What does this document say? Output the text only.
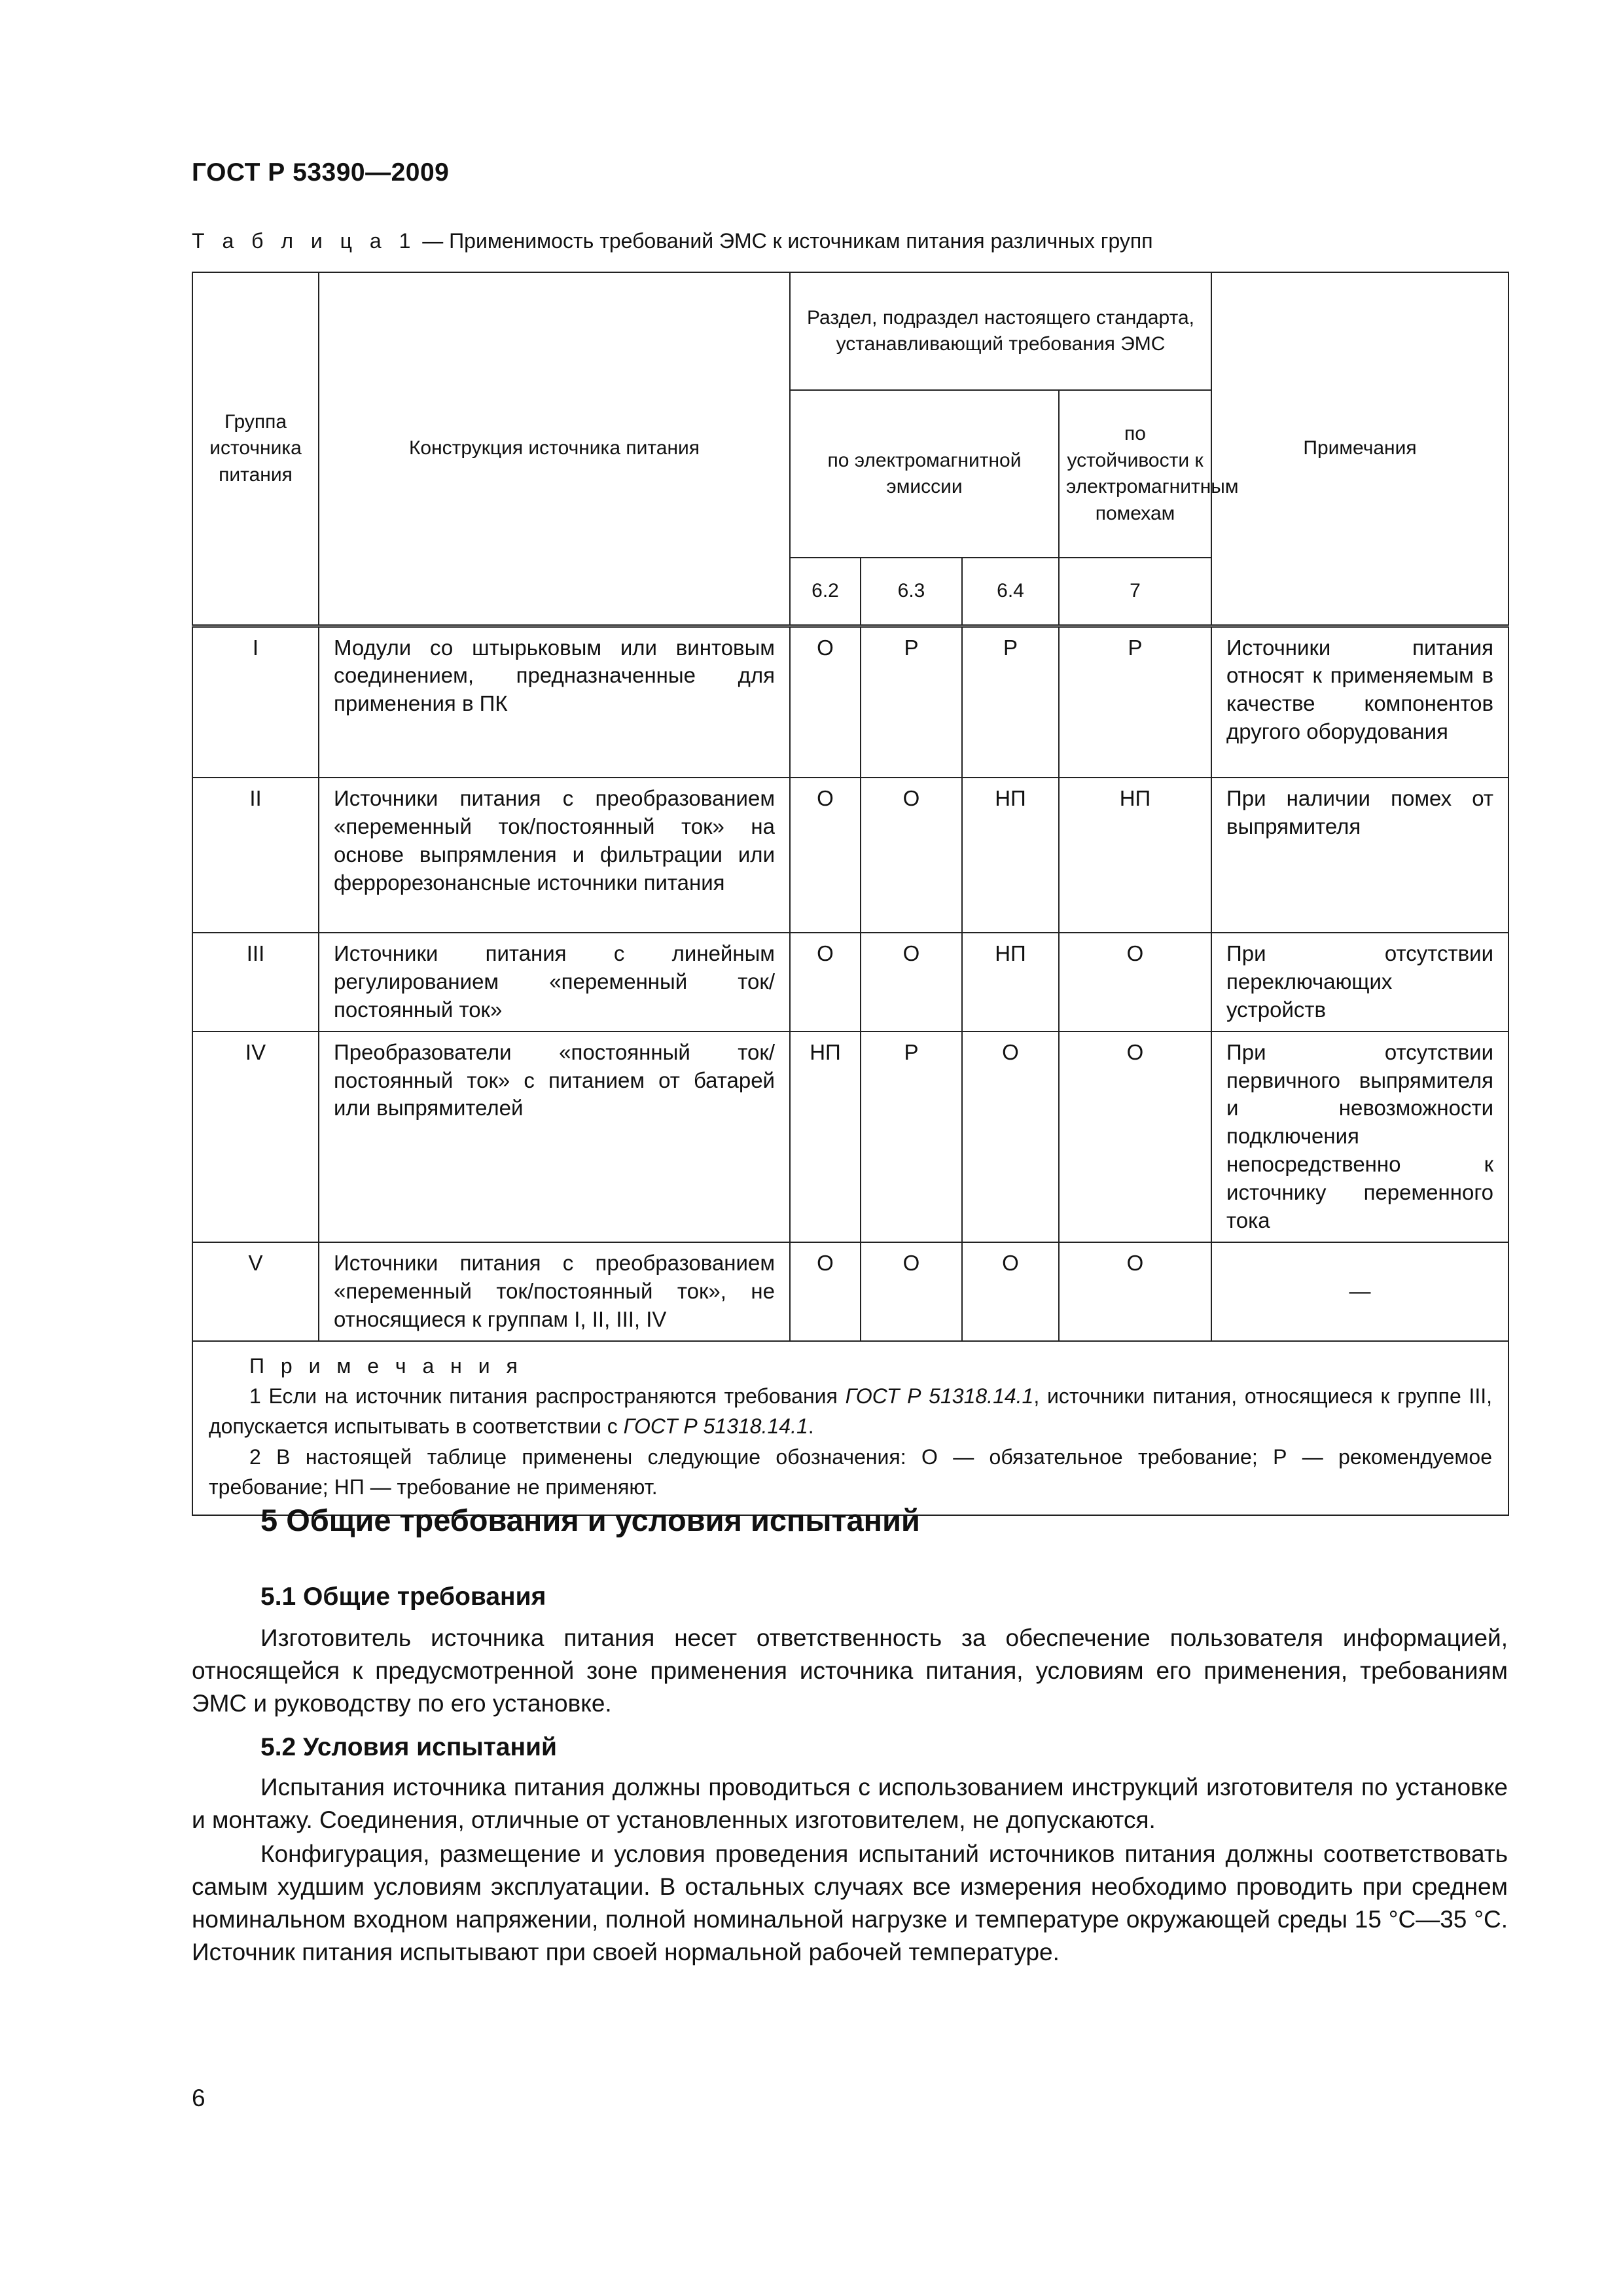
ГОСТ Р 53390—2009
Т а б л и ц а 1 — Применимость требований ЭМС к источникам питания различных групп
Группа источника питания	Конструкция источника питания	Раздел, подраздел настоящего стандарта, устанавливающий требования ЭМС				Примечания
		по электромагнитной эмиссии			по устойчивости к электромагнитным помехам	
		6.2	6.3	6.4	7	
I	Модули со штырьковым или винтовым соединением, предназначенные для применения в ПК	О	Р	Р	Р	Источники питания относят к применяемым в качестве компонентов другого оборудования
II	Источники питания с преобразованием «переменный ток/постоянный ток» на основе выпрямления и фильтрации или феррорезонансные источники питания	О	О	НП	НП	При наличии помех от выпрямителя
III	Источники питания с линейным регулированием «переменный ток/постоянный ток»	О	О	НП	О	При отсутствии переключающих устройств
IV	Преобразователи «постоянный ток/постоянный ток» с питанием от батарей или выпрямителей	НП	Р	О	О	При отсутствии первичного выпрямителя и невозможности подключения непосредственно к источнику переменного тока
V	Источники питания с преобразованием «переменный ток/постоянный ток», не относящиеся к группам I, II, III, IV	О	О	О	О	—

П р и м е ч а н и я
1 Если на источник питания распространяются требования ГОСТ Р 51318.14.1, источники питания, относящиеся к группе III, допускается испытывать в соответствии с ГОСТ Р 51318.14.1.
2 В настоящей таблице применены следующие обозначения: О — обязательное требование; Р — рекомендуемое требование; НП — требование не применяют.						
5 Общие требования и условия испытаний
5.1 Общие требования
Изготовитель источника питания несет ответственность за обеспечение пользователя информацией, относящейся к предусмотренной зоне применения источника питания, условиям его применения, требованиям ЭМС и руководству по его установке.
5.2 Условия испытаний
Испытания источника питания должны проводиться с использованием инструкций изготовителя по установке и монтажу. Соединения, отличные от установленных изготовителем, не допускаются.
Конфигурация, размещение и условия проведения испытаний источников питания должны соответствовать самым худшим условиям эксплуатации. В остальных случаях все измерения необходимо проводить при среднем номинальном входном напряжении, полной номинальной нагрузке и температуре окружающей среды 15 °С—35 °С. Источник питания испытывают при своей нормальной рабочей температуре.
6
